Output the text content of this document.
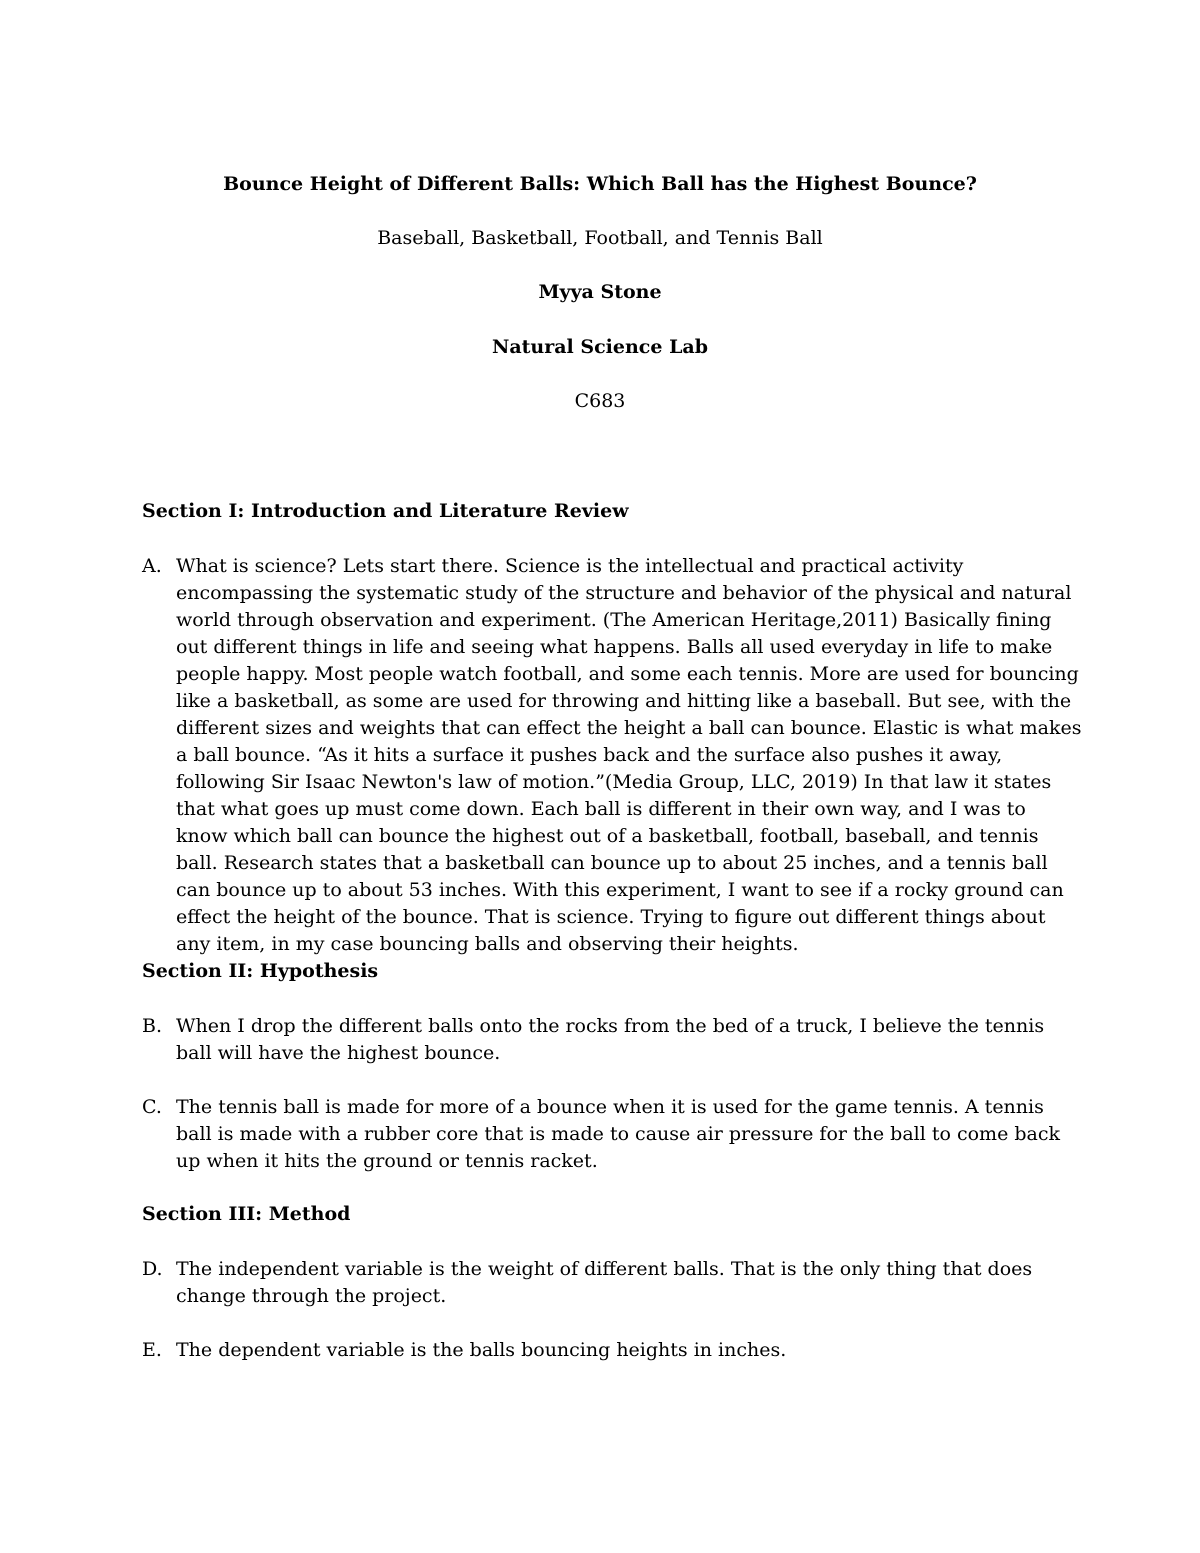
Bounce Height of Different Balls: Which Ball has the Highest Bounce?
Baseball, Basketball, Football, and Tennis Ball
Myya Stone
Natural Science Lab
C683
Section I: Introduction and Literature Review
A. What is science? Lets start there. Science is the intellectual and practical activity encompassing the systematic study of the structure and behavior of the physical and natural world through observation and experiment. (The American Heritage,2011) Basically fining out different things in life and seeing what happens. Balls all used everyday in life to make people happy. Most people watch football, and some each tennis. More are used for bouncing like a basketball, as some are used for throwing and hitting like a baseball. But see, with the different sizes and weights that can effect the height a ball can bounce. Elastic is what makes a ball bounce. “As it hits a surface it pushes back and the surface also pushes it away, following Sir Isaac Newton's law of motion.”(Media Group, LLC, 2019) In that law it states that what goes up must come down. Each ball is different in their own way, and I was to know which ball can bounce the highest out of a basketball, football, baseball, and tennis ball. Research states that a basketball can bounce up to about 25 inches, and a tennis ball can bounce up to about 53 inches. With this experiment, I want to see if a rocky ground can effect the height of the bounce. That is science. Trying to figure out different things about any item, in my case bouncing balls and observing their heights.
Section II: Hypothesis
B. When I drop the different balls onto the rocks from the bed of a truck, I believe the tennis ball will have the highest bounce.
C. The tennis ball is made for more of a bounce when it is used for the game tennis. A tennis ball is made with a rubber core that is made to cause air pressure for the ball to come back up when it hits the ground or tennis racket.
Section III: Method
D. The independent variable is the weight of different balls. That is the only thing that does change through the project.
E. The dependent variable is the balls bouncing heights in inches.
